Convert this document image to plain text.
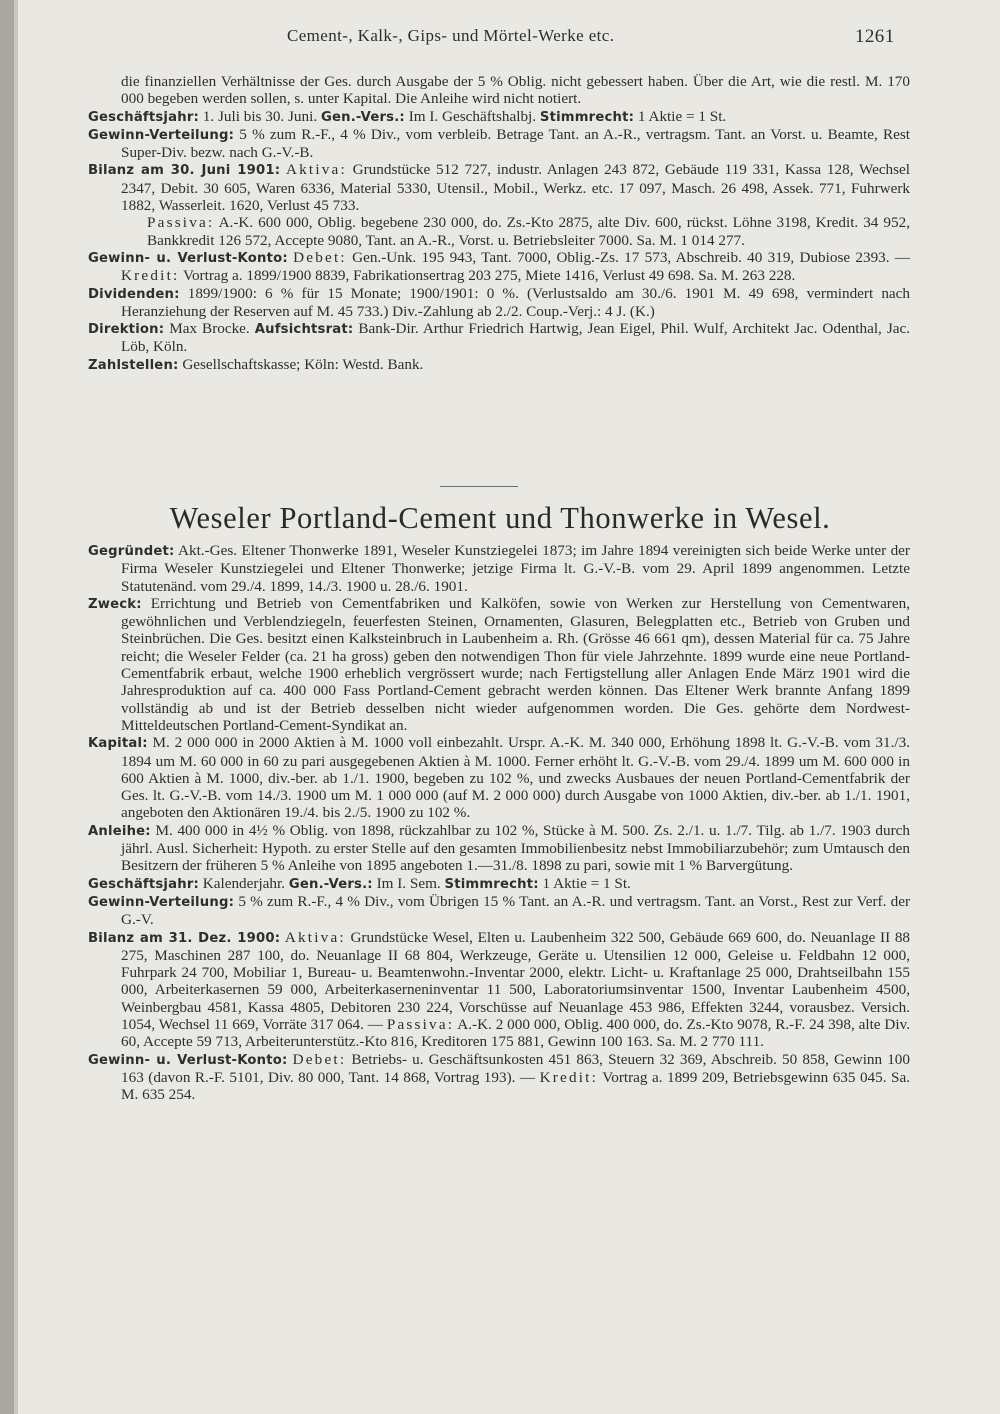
Cement-, Kalk-, Gips- und Mörtel-Werke etc.	1261

die finanziellen Verhältnisse der Ges. durch Ausgabe der 5 % Oblig. nicht gebessert haben. Über die Art, wie die restl. M. 170 000 begeben werden sollen, s. unter Kapital. Die Anleihe wird nicht notiert.

Geschäftsjahr: 1. Juli bis 30. Juni. Gen.-Vers.: Im I. Geschäftshalbj. Stimmrecht: 1 Aktie = 1 St.

Gewinn-Verteilung: 5 % zum R.-F., 4 % Div., vom verbleib. Betrage Tant. an A.-R., vertragsm. Tant. an Vorst. u. Beamte, Rest Super-Div. bezw. nach G.-V.-B.

Bilanz am 30. Juni 1901: Aktiva: Grundstücke 512 727, industr. Anlagen 243 872, Gebäude 119 331, Kassa 128, Wechsel 2347, Debit. 30 605, Waren 6336, Material 5330, Utensil., Mobil., Werkz. etc. 17 097, Masch. 26 498, Assek. 771, Fuhrwerk 1882, Wasserleit. 1620, Verlust 45 733.
Passiva: A.-K. 600 000, Oblig. begebene 230 000, do. Zs.-Kto 2875, alte Div. 600, rückst. Löhne 3198, Kredit. 34 952, Bankkredit 126 572, Accepte 9080, Tant. an A.-R., Vorst. u. Betriebsleiter 7000. Sa. M. 1 014 277.

Gewinn- u. Verlust-Konto: Debet: Gen.-Unk. 195 943, Tant. 7000, Oblig.-Zs. 17 573, Abschreib. 40 319, Dubiose 2393. — Kredit: Vortrag a. 1899/1900 8839, Fabrikationsertrag 203 275, Miete 1416, Verlust 49 698. Sa. M. 263 228.

Dividenden: 1899/1900: 6 % für 15 Monate; 1900/1901: 0 %. (Verlustsaldo am 30./6. 1901 M. 49 698, vermindert nach Heranziehung der Reserven auf M. 45 733.) Div.-Zahlung ab 2./2. Coup.-Verj.: 4 J. (K.)

Direktion: Max Brocke. Aufsichtsrat: Bank-Dir. Arthur Friedrich Hartwig, Jean Eigel, Phil. Wulf, Architekt Jac. Odenthal, Jac. Löb, Köln.

Zahlstellen: Gesellschaftskasse; Köln: Westd. Bank.

Weseler Portland-Cement und Thonwerke in Wesel.

Gegründet: Akt.-Ges. Eltener Thonwerke 1891, Weseler Kunstziegelei 1873; im Jahre 1894 vereinigten sich beide Werke unter der Firma Weseler Kunstziegelei und Eltener Thonwerke; jetzige Firma lt. G.-V.-B. vom 29. April 1899 angenommen. Letzte Statutenänd. vom 29./4. 1899, 14./3. 1900 u. 28./6. 1901.

Zweck: Errichtung und Betrieb von Cementfabriken und Kalköfen, sowie von Werken zur Herstellung von Cementwaren, gewöhnlichen und Verblendziegeln, feuerfesten Steinen, Ornamenten, Glasuren, Belegplatten etc., Betrieb von Gruben und Steinbrüchen. Die Ges. besitzt einen Kalksteinbruch in Laubenheim a. Rh. (Grösse 46 661 qm), dessen Material für ca. 75 Jahre reicht; die Weseler Felder (ca. 21 ha gross) geben den notwendigen Thon für viele Jahrzehnte. 1899 wurde eine neue Portland-Cementfabrik erbaut, welche 1900 erheblich vergrössert wurde; nach Fertigstellung aller Anlagen Ende März 1901 wird die Jahresproduktion auf ca. 400 000 Fass Portland-Cement gebracht werden können. Das Eltener Werk brannte Anfang 1899 vollständig ab und ist der Betrieb desselben nicht wieder aufgenommen worden. Die Ges. gehörte dem Nordwest-Mitteldeutschen Portland-Cement-Syndikat an.

Kapital: M. 2 000 000 in 2000 Aktien à M. 1000 voll einbezahlt. Urspr. A.-K. M. 340 000, Erhöhung 1898 lt. G.-V.-B. vom 31./3. 1894 um M. 60 000 in 60 zu pari ausgegebenen Aktien à M. 1000. Ferner erhöht lt. G.-V.-B. vom 29./4. 1899 um M. 600 000 in 600 Aktien à M. 1000, div.-ber. ab 1./1. 1900, begeben zu 102 %, und zwecks Ausbaues der neuen Portland-Cementfabrik der Ges. lt. G.-V.-B. vom 14./3. 1900 um M. 1 000 000 (auf M. 2 000 000) durch Ausgabe von 1000 Aktien, div.-ber. ab 1./1. 1901, angeboten den Aktionären 19./4. bis 2./5. 1900 zu 102 %.

Anleihe: M. 400 000 in 4½ % Oblig. von 1898, rückzahlbar zu 102 %, Stücke à M. 500. Zs. 2./1. u. 1./7. Tilg. ab 1./7. 1903 durch jährl. Ausl. Sicherheit: Hypoth. zu erster Stelle auf den gesamten Immobilienbesitz nebst Immobiliarzubehör; zum Umtausch den Besitzern der früheren 5 % Anleihe von 1895 angeboten 1.—31./8. 1898 zu pari, sowie mit 1 % Barvergütung.

Geschäftsjahr: Kalenderjahr. Gen.-Vers.: Im I. Sem. Stimmrecht: 1 Aktie = 1 St.

Gewinn-Verteilung: 5 % zum R.-F., 4 % Div., vom Übrigen 15 % Tant. an A.-R. und vertragsm. Tant. an Vorst., Rest zur Verf. der G.-V.

Bilanz am 31. Dez. 1900: Aktiva: Grundstücke Wesel, Elten u. Laubenheim 322 500, Gebäude 669 600, do. Neuanlage II 88 275, Maschinen 287 100, do. Neuanlage II 68 804, Werkzeuge, Geräte u. Utensilien 12 000, Geleise u. Feldbahn 12 000, Fuhrpark 24 700, Mobiliar 1, Bureau- u. Beamtenwohn.-Inventar 2000, elektr. Licht- u. Kraftanlage 25 000, Drahtseilbahn 155 000, Arbeiterkasernen 59 000, Arbeiterkaserneninventar 11 500, Laboratoriumsinventar 1500, Inventar Laubenheim 4500, Weinbergbau 4581, Kassa 4805, Debitoren 230 224, Vorschüsse auf Neuanlage 453 986, Effekten 3244, vorausbez. Versich. 1054, Wechsel 11 669, Vorräte 317 064. — Passiva: A.-K. 2 000 000, Oblig. 400 000, do. Zs.-Kto 9078, R.-F. 24 398, alte Div. 60, Accepte 59 713, Arbeiterunterstütz.-Kto 816, Kreditoren 175 881, Gewinn 100 163. Sa. M. 2 770 111.

Gewinn- u. Verlust-Konto: Debet: Betriebs- u. Geschäftsunkosten 451 863, Steuern 32 369, Abschreib. 50 858, Gewinn 100 163 (davon R.-F. 5101, Div. 80 000, Tant. 14 868, Vortrag 193). — Kredit: Vortrag a. 1899 209, Betriebsgewinn 635 045. Sa. M. 635 254.
